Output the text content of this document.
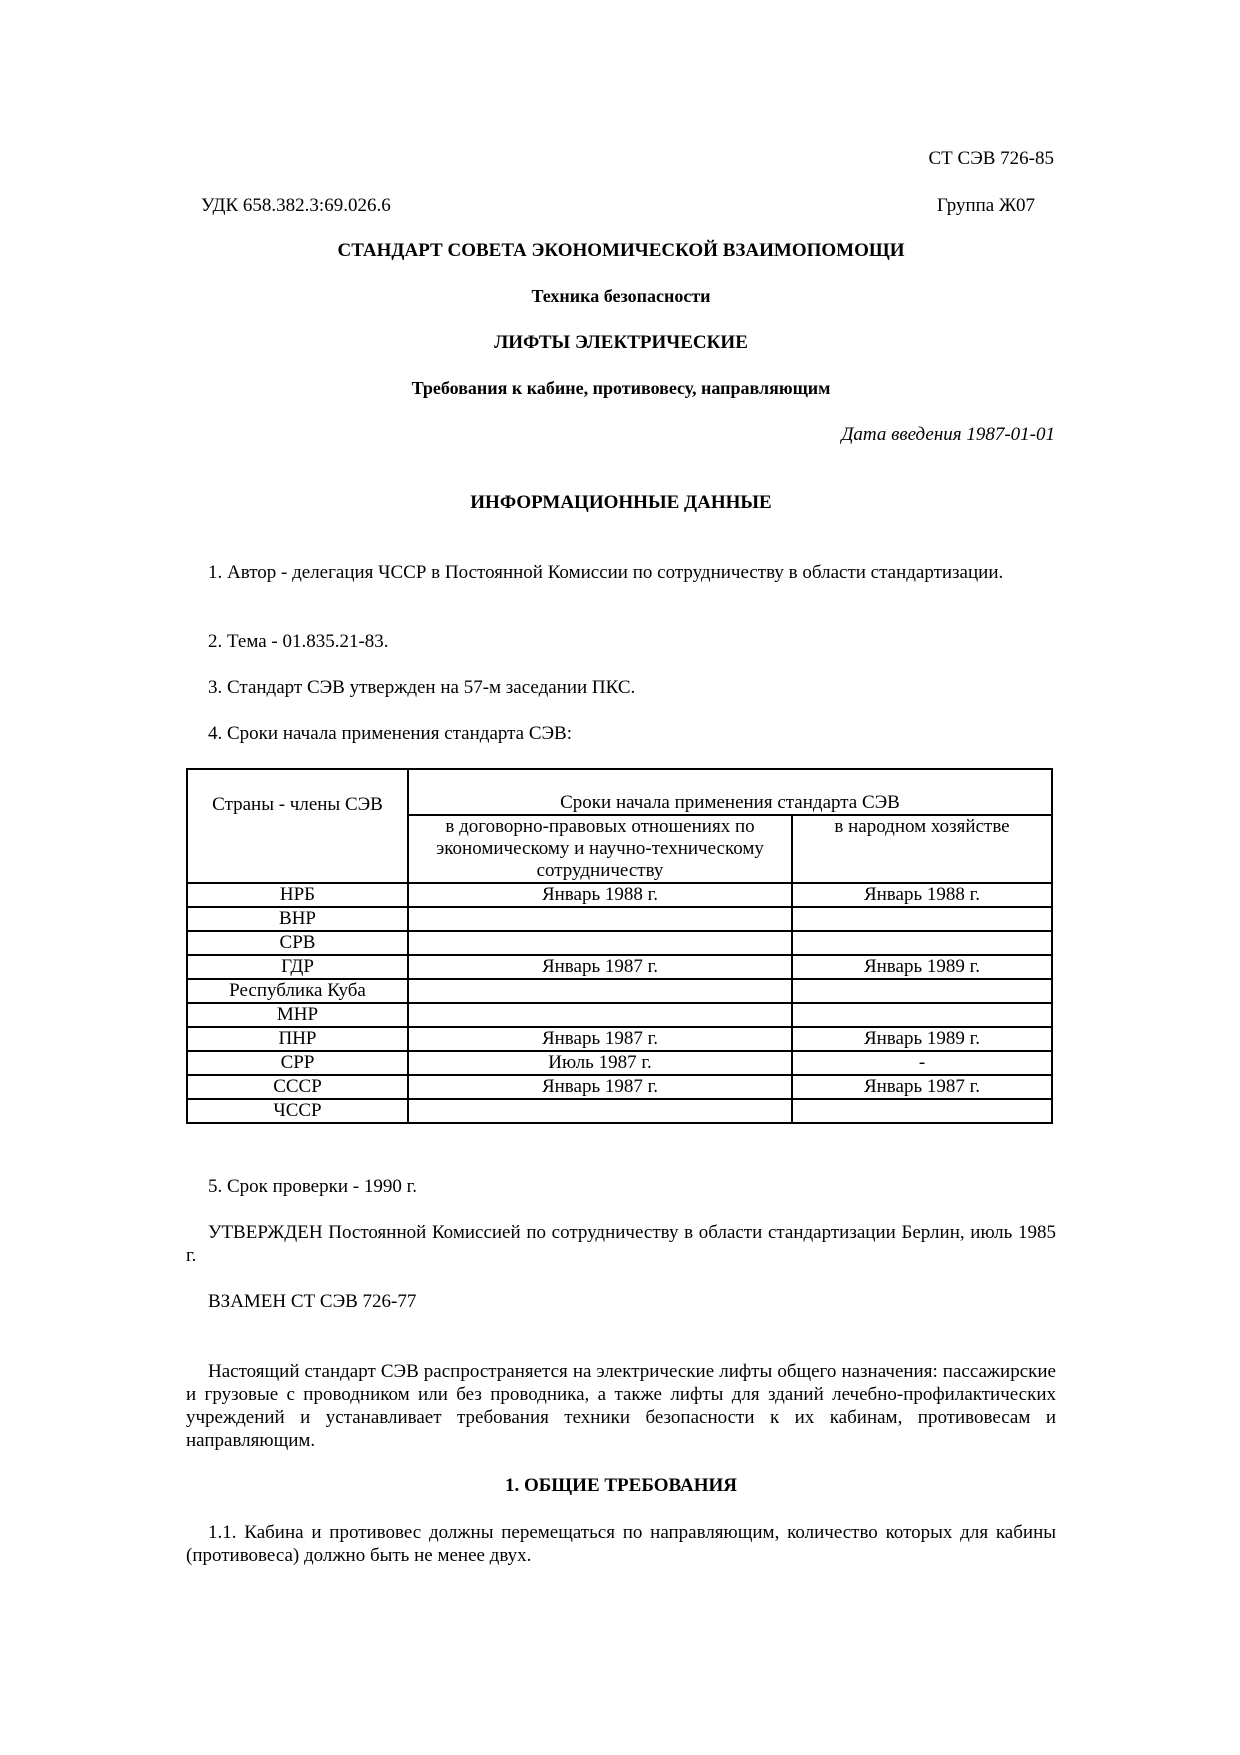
СТ СЭВ 726-85
УДК 658.382.3:69.026.6	Группа Ж07
СТАНДАРТ СОВЕТА ЭКОНОМИЧЕСКОЙ ВЗАИМОПОМОЩИ
Техника безопасности
ЛИФТЫ ЭЛЕКТРИЧЕСКИЕ
Требования к кабине, противовесу, направляющим
Дата введения 1987-01-01
ИНФОРМАЦИОННЫЕ ДАННЫЕ
1. Автор - делегация ЧССР в Постоянной Комиссии по сотрудничеству в области стандартизации.
2. Тема - 01.835.21-83.
3. Стандарт СЭВ утвержден на 57-м заседании ПКС.
4. Сроки начала применения стандарта СЭВ:
Страны - члены СЭВ	Сроки начала применения стандарта СЭВ	
	в договорно-правовых отношениях по экономическому и научно-техническому сотрудничеству	в народном хозяйстве
НРБ	Январь 1988 г.	Январь 1988 г.
ВНР		
СРВ		
ГДР	Январь 1987 г.	Январь 1989 г.
Республика Куба		
МНР		
ПНР	Январь 1987 г.	Январь 1989 г.
СРР	Июль 1987 г.	-
СССР	Январь 1987 г.	Январь 1987 г.
ЧССР		
5. Срок проверки - 1990 г.
УТВЕРЖДЕН Постоянной Комиссией по сотрудничеству в области стандартизации Берлин, июль 1985 г.
ВЗАМЕН СТ СЭВ 726-77
Настоящий стандарт СЭВ распространяется на электрические лифты общего назначения: пассажирские и грузовые с проводником или без проводника, а также лифты для зданий лечебно-профилактических учреждений и устанавливает требования техники безопасности к их кабинам, противовесам и направляющим.
1. ОБЩИЕ ТРЕБОВАНИЯ
1.1. Кабина и противовес должны перемещаться по направляющим, количество которых для кабины (противовеса) должно быть не менее двух.
